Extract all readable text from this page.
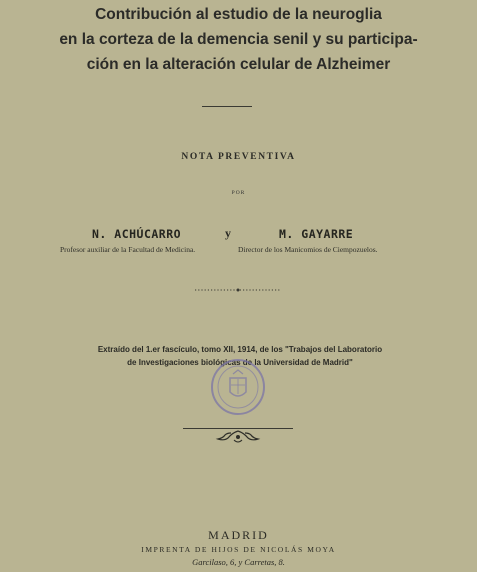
Contribución al estudio de la neuroglia
en la corteza de la demencia senil y su participa-
ción en la alteración celular de Alzheimer
NOTA PREVENTIVA
POR
N. ACHÚCARRO	y	M. GAYARRE
Profesor auxiliar de la Facultad de Medicina.	Director de los Manicomios de Ciempozuelos.
Extraído del 1.er fascículo, tomo XII, 1914, de los "Trabajos del Laboratorio
de Investigaciones biológicas de la Universidad de Madrid"
MADRID
IMPRENTA DE HIJOS DE NICOLÁS MOYA
Garcilaso, 6, y Carretas, 8.
